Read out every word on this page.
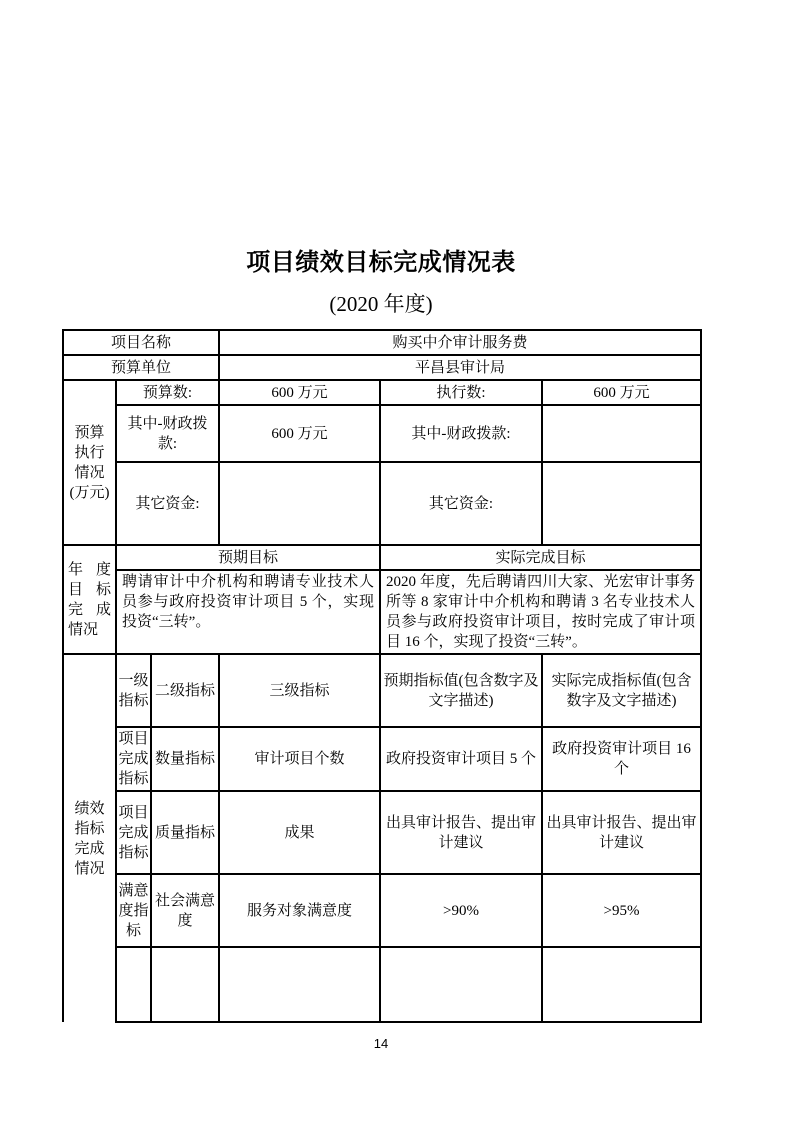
项目绩效目标完成情况表
(2020 年度)
项目名称			购买中介审计服务费		
预算单位			平昌县审计局		
预算执行情况(万元)	预算数:		600 万元	执行数:	600 万元
	其中-财政拨款:		600 万元	其中-财政拨款:	
	其它资金:			其它资金:	
年度目标完成情况	预期目标			实际完成目标	
	聘请审计中介机构和聘请专业技术人员参与政府投资审计项目 5 个，实现投资“三转”。			2020 年度，先后聘请四川大家、光宏审计事务所等 8 家审计中介机构和聘请 3 名专业技术人员参与政府投资审计项目，按时完成了审计项目 16 个，实现了投资“三转”。	
绩效指标完成情况	一级指标	二级指标	三级指标	预期指标值(包含数字及文字描述)	实际完成指标值(包含数字及文字描述)
	项目完成指标	数量指标	审计项目个数	政府投资审计项目 5 个	政府投资审计项目 16 个
	项目完成指标	质量指标	成果	出具审计报告、提出审计建议	出具审计报告、提出审计建议
	满意度指标	社会满意度	服务对象满意度	>90%	>95%

14
